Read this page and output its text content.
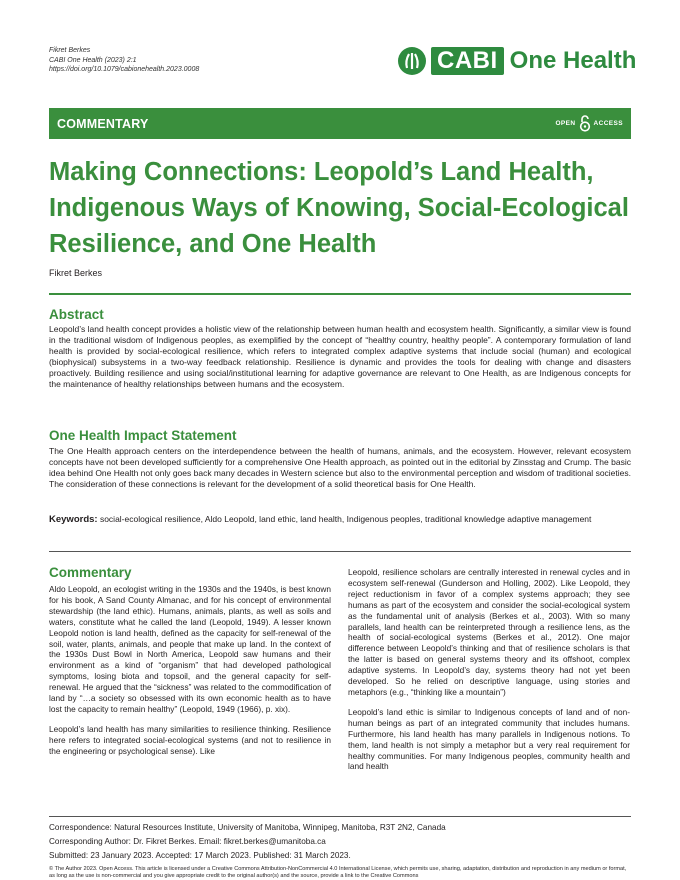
Fikret Berkes
CABI One Health (2023) 2:1
https://doi.org/10.1079/cabionehealth.2023.0008	CABI One Health
COMMENTARY	OPEN	ACCESS
Making Connections: Leopold’s Land Health, Indigenous Ways of Knowing, Social-Ecological Resilience, and One Health
Fikret Berkes
Abstract

Leopold’s land health concept provides a holistic view of the relationship between human health and ecosystem health. Significantly, a similar view is found in the traditional wisdom of Indigenous peoples, as exemplified by the concept of “healthy country, healthy people”. A contemporary formulation of land health is provided by social-ecological resilience, which refers to integrated complex adaptive systems that include social (human) and ecological (biophysical) subsystems in a two-way feedback relationship. Resilience is dynamic and provides the tools for dealing with change and disasters proactively. Building resilience and using social/institutional learning for adaptive governance are relevant to One Health, as are Indigenous concepts for the maintenance of healthy relationships between humans and the ecosystem.

One Health Impact Statement

The One Health approach centers on the interdependence between the health of humans, animals, and the ecosystem. However, relevant ecosystem concepts have not been developed sufficiently for a comprehensive One Health approach, as pointed out in the editorial by Zinsstag and Crump. The basic idea behind One Health not only goes back many decades in Western science but also to the environmental perception and wisdom of traditional societies. The consideration of these connections is relevant for the development of a solid theoretical basis for One Health.

Keywords: social-ecological resilience, Aldo Leopold, land ethic, land health, Indigenous peoples, traditional knowledge adaptive management
Commentary

Aldo Leopold, an ecologist writing in the 1930s and the 1940s, is best known for his book, A Sand County Almanac, and for his concept of environmental stewardship (the land ethic). Humans, animals, plants, as well as soils and waters, constitute what he called the land (Leopold, 1949). A lesser known Leopold notion is land health, defined as the capacity for self-renewal of the soil, water, plants, animals, and people that make up land. In the context of the 1930s Dust Bowl in North America, Leopold saw humans and their environment as a kind of “organism” that had developed pathological symptoms, losing biota and topsoil, and the general capacity for self-renewal. He argued that the “sickness” was related to the commodification of land by “…a society so obsessed with its own economic health as to have lost the capacity to remain healthy” (Leopold, 1949 (1966), p. xix).

Leopold’s land health has many similarities to resilience thinking. Resilience here refers to integrated social-ecological systems (and not to resilience in the engineering or psychological sense). Like

Leopold, resilience scholars are centrally interested in renewal cycles and in ecosystem self-renewal (Gunderson and Holling, 2002). Like Leopold, they reject reductionism in favor of a complex systems approach; they see humans as part of the ecosystem and consider the social-ecological system as the fundamental unit of analysis (Berkes et al., 2003). With so many parallels, land health can be reinterpreted through a resilience lens, as the health of social-ecological systems (Berkes et al., 2012). One major difference between Leopold’s thinking and that of resilience scholars is that the latter is based on general systems theory and its offshoot, complex adaptive systems. In Leopold’s day, systems theory had not yet been developed. So he relied on descriptive language, using stories and metaphors (e.g., “thinking like a mountain”)

Leopold’s land ethic is similar to Indigenous concepts of land and of non-human beings as part of an integrated community that includes humans. Furthermore, his land health has many parallels in Indigenous notions. To them, land health is not simply a metaphor but a very real requirement for healthy communities. For many Indigenous peoples, community health and land health

Correspondence: Natural Resources Institute, University of Manitoba, Winnipeg, Manitoba, R3T 2N2, Canada
Corresponding Author: Dr. Fikret Berkes. Email: fikret.berkes@umanitoba.ca
Submitted: 23 January 2023. Accepted: 17 March 2023. Published: 31 March 2023.
© The Author 2023. Open Access. This article is licensed under a Creative Commons Attribution-NonCommercial 4.0 International License, which permits use, sharing, adaptation, distribution and reproduction in any medium or format, as long as the use is non-commercial and you give appropriate credit to the original author(s) and the source, provide a link to the Creative Commons
